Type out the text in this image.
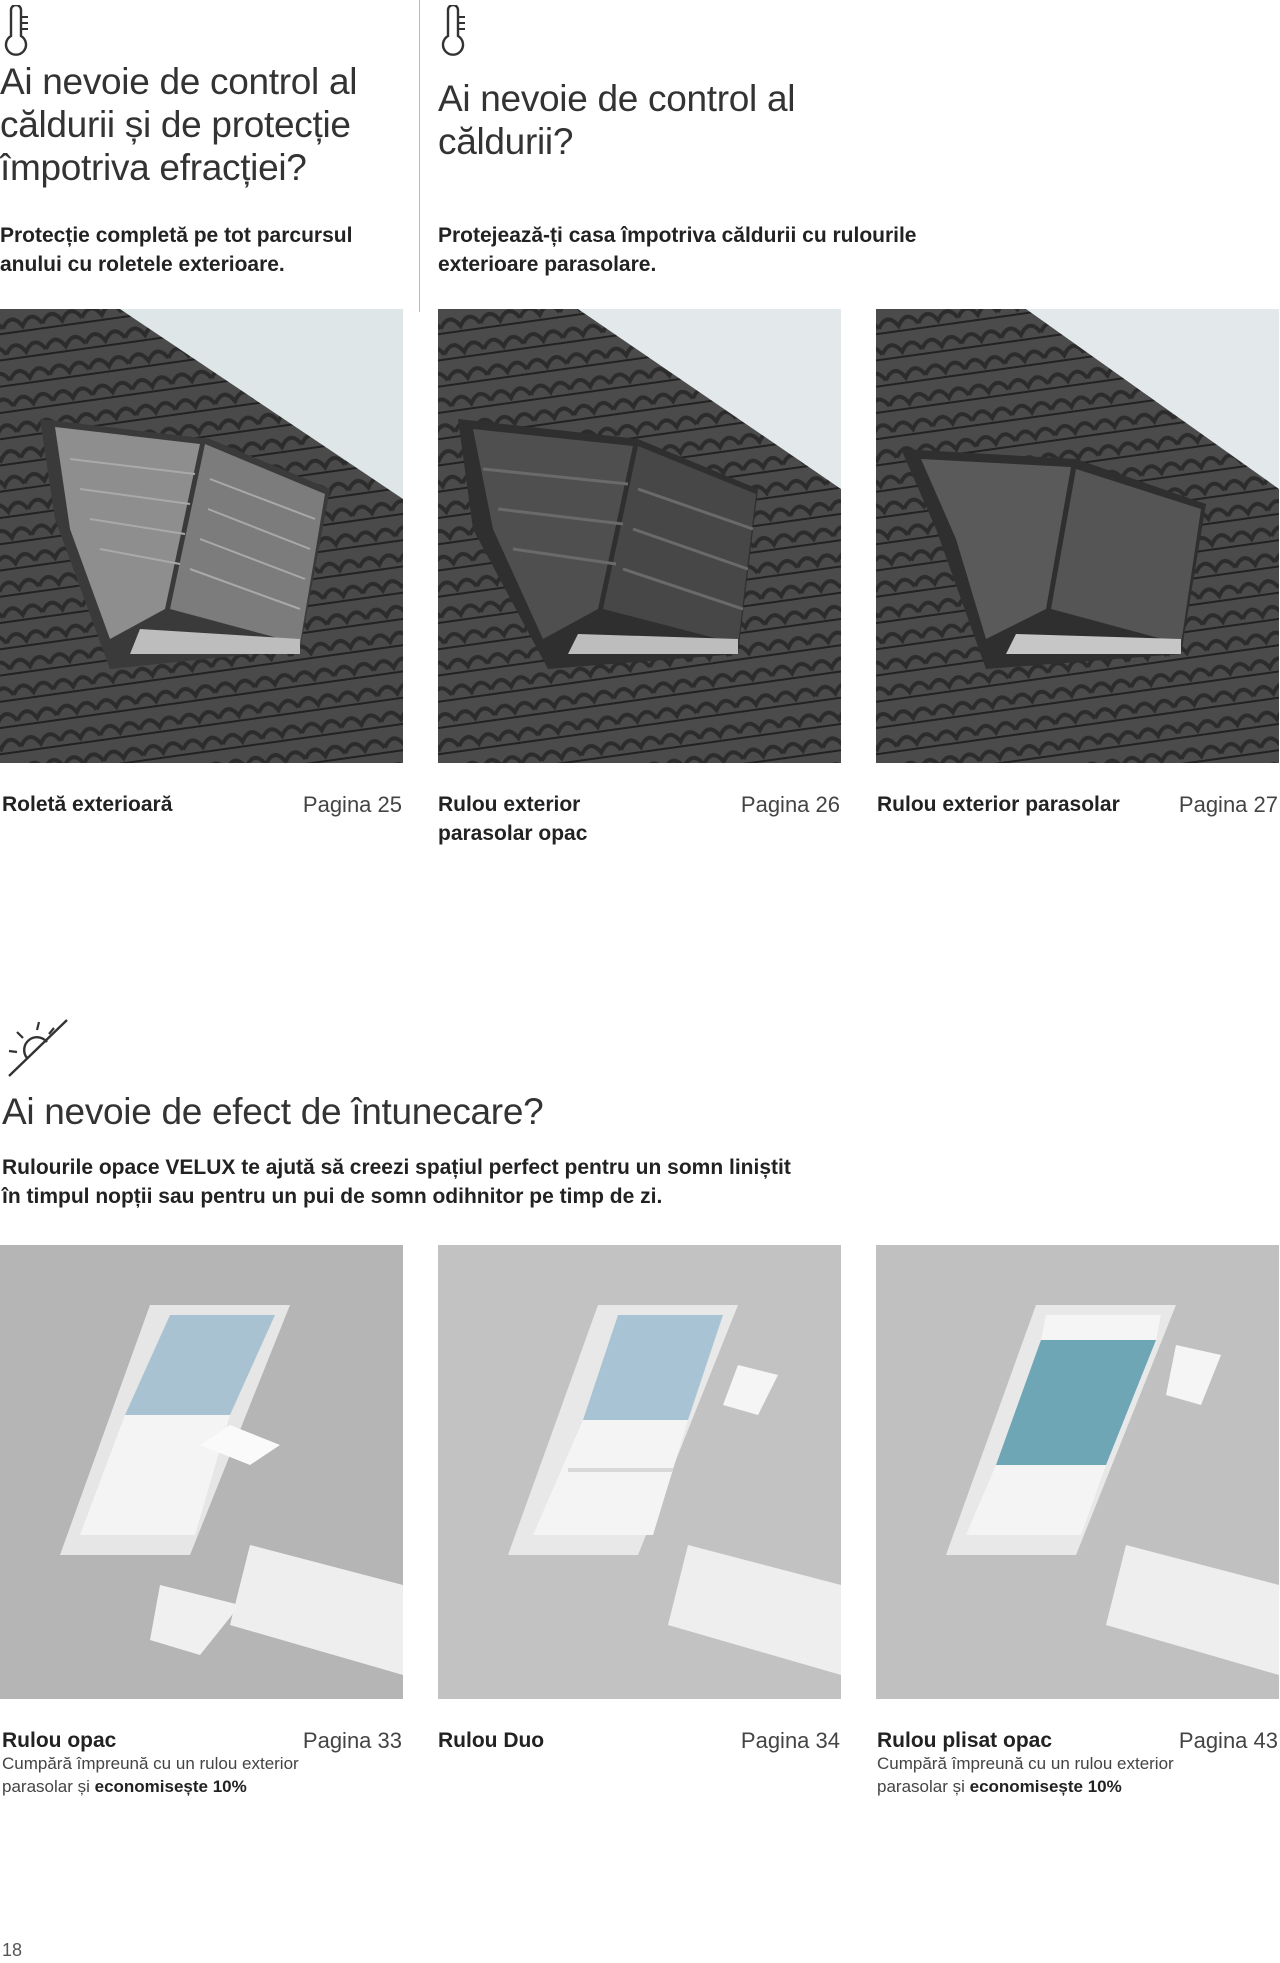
Ai nevoie de control al căldurii și de protecție împotriva efracției?
Protecție completă pe tot parcursul anului cu roletele exterioare.
Ai nevoie de control al căldurii?
Protejează-ți casa împotriva căldurii cu rulourile exterioare parasolare.
Roletă exterioară	Pagina 25 Rulou exterior parasolar opac
Pagina 26 Rulou exterior parasolar	Pagina 27
Ai nevoie de efect de întunecare?
Rulourile opace VELUX te ajută să creezi spațiul perfect pentru un somn liniștit în timpul nopții sau pentru un pui de somn odihnitor pe timp de zi.
Rulou opac	Pagina 33
Cumpără împreună cu un rulou exterior parasolar și economisește 10%
Rulou Duo	Pagina 34 Rulou plisat opac	Pagina 43
Cumpără împreună cu un rulou exterior parasolar și economisește 10%
18
